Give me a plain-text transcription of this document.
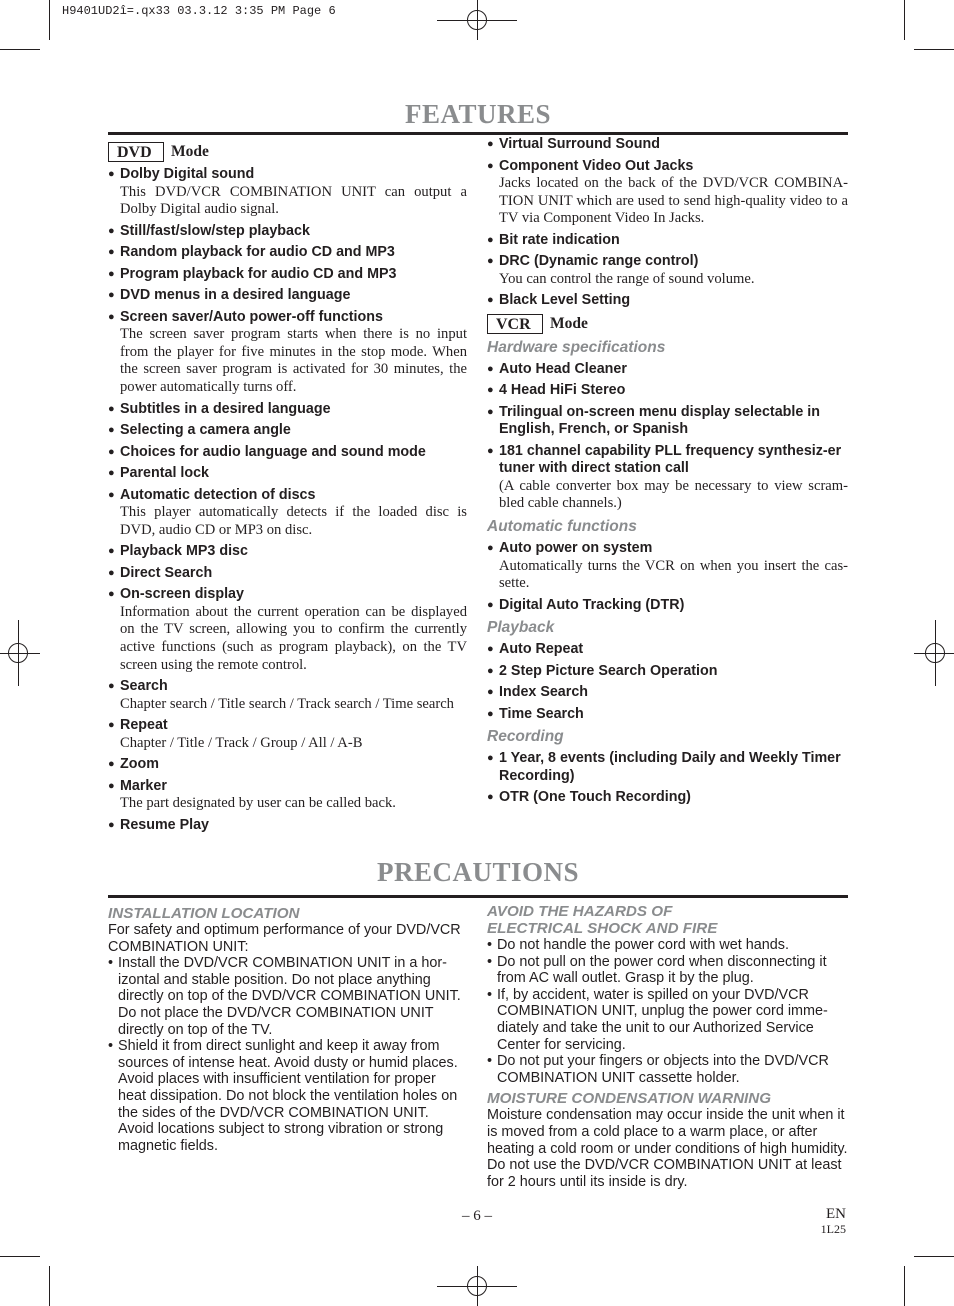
H9401UD2î=.qx33 03.3.12 3:35 PM Page 6
FEATURES
DVD	Mode
● Dolby Digital sound
This DVD/VCR COMBINATION UNIT can output a Dolby Digital audio signal.
● Still/fast/slow/step playback
● Random playback for audio CD and MP3
● Program playback for audio CD and MP3
● DVD menus in a desired language
● Screen saver/Auto power-off functions
The screen saver program starts when there is no input from the player for five minutes in the stop mode. When the screen saver program is activated for 30 minutes, the power automatically turns off.
● Subtitles in a desired language
● Selecting a camera angle
● Choices for audio language and sound mode
● Parental lock
● Automatic detection of discs
This player automatically detects if the loaded disc is DVD, audio CD or MP3 on disc.
● Playback MP3 disc
● Direct Search
● On-screen display
Information about the current operation can be displayed on the TV screen, allowing you to confirm the currently active functions (such as program playback), on the TV screen using the remote control.
● Search
Chapter search / Title search / Track search / Time search
● Repeat
Chapter / Title / Track / Group / All / A-B
● Zoom
● Marker
The part designated by user can be called back.
● Resume Play
● Virtual Surround Sound
● Component Video Out Jacks
Jacks located on the back of the DVD/VCR COMBINA-TION UNIT which are used to send high-quality video to a TV via Component Video In Jacks.
● Bit rate indication
● DRC (Dynamic range control)
You can control the range of sound volume.
● Black Level Setting
VCR	Mode
Hardware specifications
● Auto Head Cleaner
● 4 Head HiFi Stereo
● Trilingual on-screen menu display selectable in English, French, or Spanish
● 181 channel capability PLL frequency synthesiz-er tuner with direct station call
(A cable converter box may be necessary to view scram-bled cable channels.)
Automatic functions
● Auto power on system
Automatically turns the VCR on when you insert the cas-sette.
● Digital Auto Tracking (DTR)
Playback
● Auto Repeat
● 2 Step Picture Search Operation
● Index Search
● Time Search
Recording
● 1 Year, 8 events (including Daily and Weekly Timer Recording)
● OTR (One Touch Recording)
PRECAUTIONS
INSTALLATION LOCATION
For safety and optimum performance of your DVD/VCR COMBINATION UNIT:
• Install the DVD/VCR COMBINATION UNIT in a hor-izontal and stable position. Do not place anything directly on top of the DVD/VCR COMBINATION UNIT. Do not place the DVD/VCR COMBINATION UNIT directly on top of the TV.
• Shield it from direct sunlight and keep it away from sources of intense heat. Avoid dusty or humid places. Avoid places with insufficient ventilation for proper heat dissipation. Do not block the ventilation holes on the sides of the DVD/VCR COMBINATION UNIT. Avoid locations subject to strong vibration or strong magnetic fields.
AVOID THE HAZARDS OF
ELECTRICAL SHOCK AND FIRE
• Do not handle the power cord with wet hands.
• Do not pull on the power cord when disconnecting it from AC wall outlet. Grasp it by the plug.
• If, by accident, water is spilled on your DVD/VCR COMBINATION UNIT, unplug the power cord imme-diately and take the unit to our Authorized Service Center for servicing.
• Do not put your fingers or objects into the DVD/VCR COMBINATION UNIT cassette holder.
MOISTURE CONDENSATION WARNING
Moisture condensation may occur inside the unit when it is moved from a cold place to a warm place, or after heating a cold room or under conditions of high humidity. Do not use the DVD/VCR COMBINATION UNIT at least for 2 hours until its inside is dry.
– 6 –	EN
1L25
